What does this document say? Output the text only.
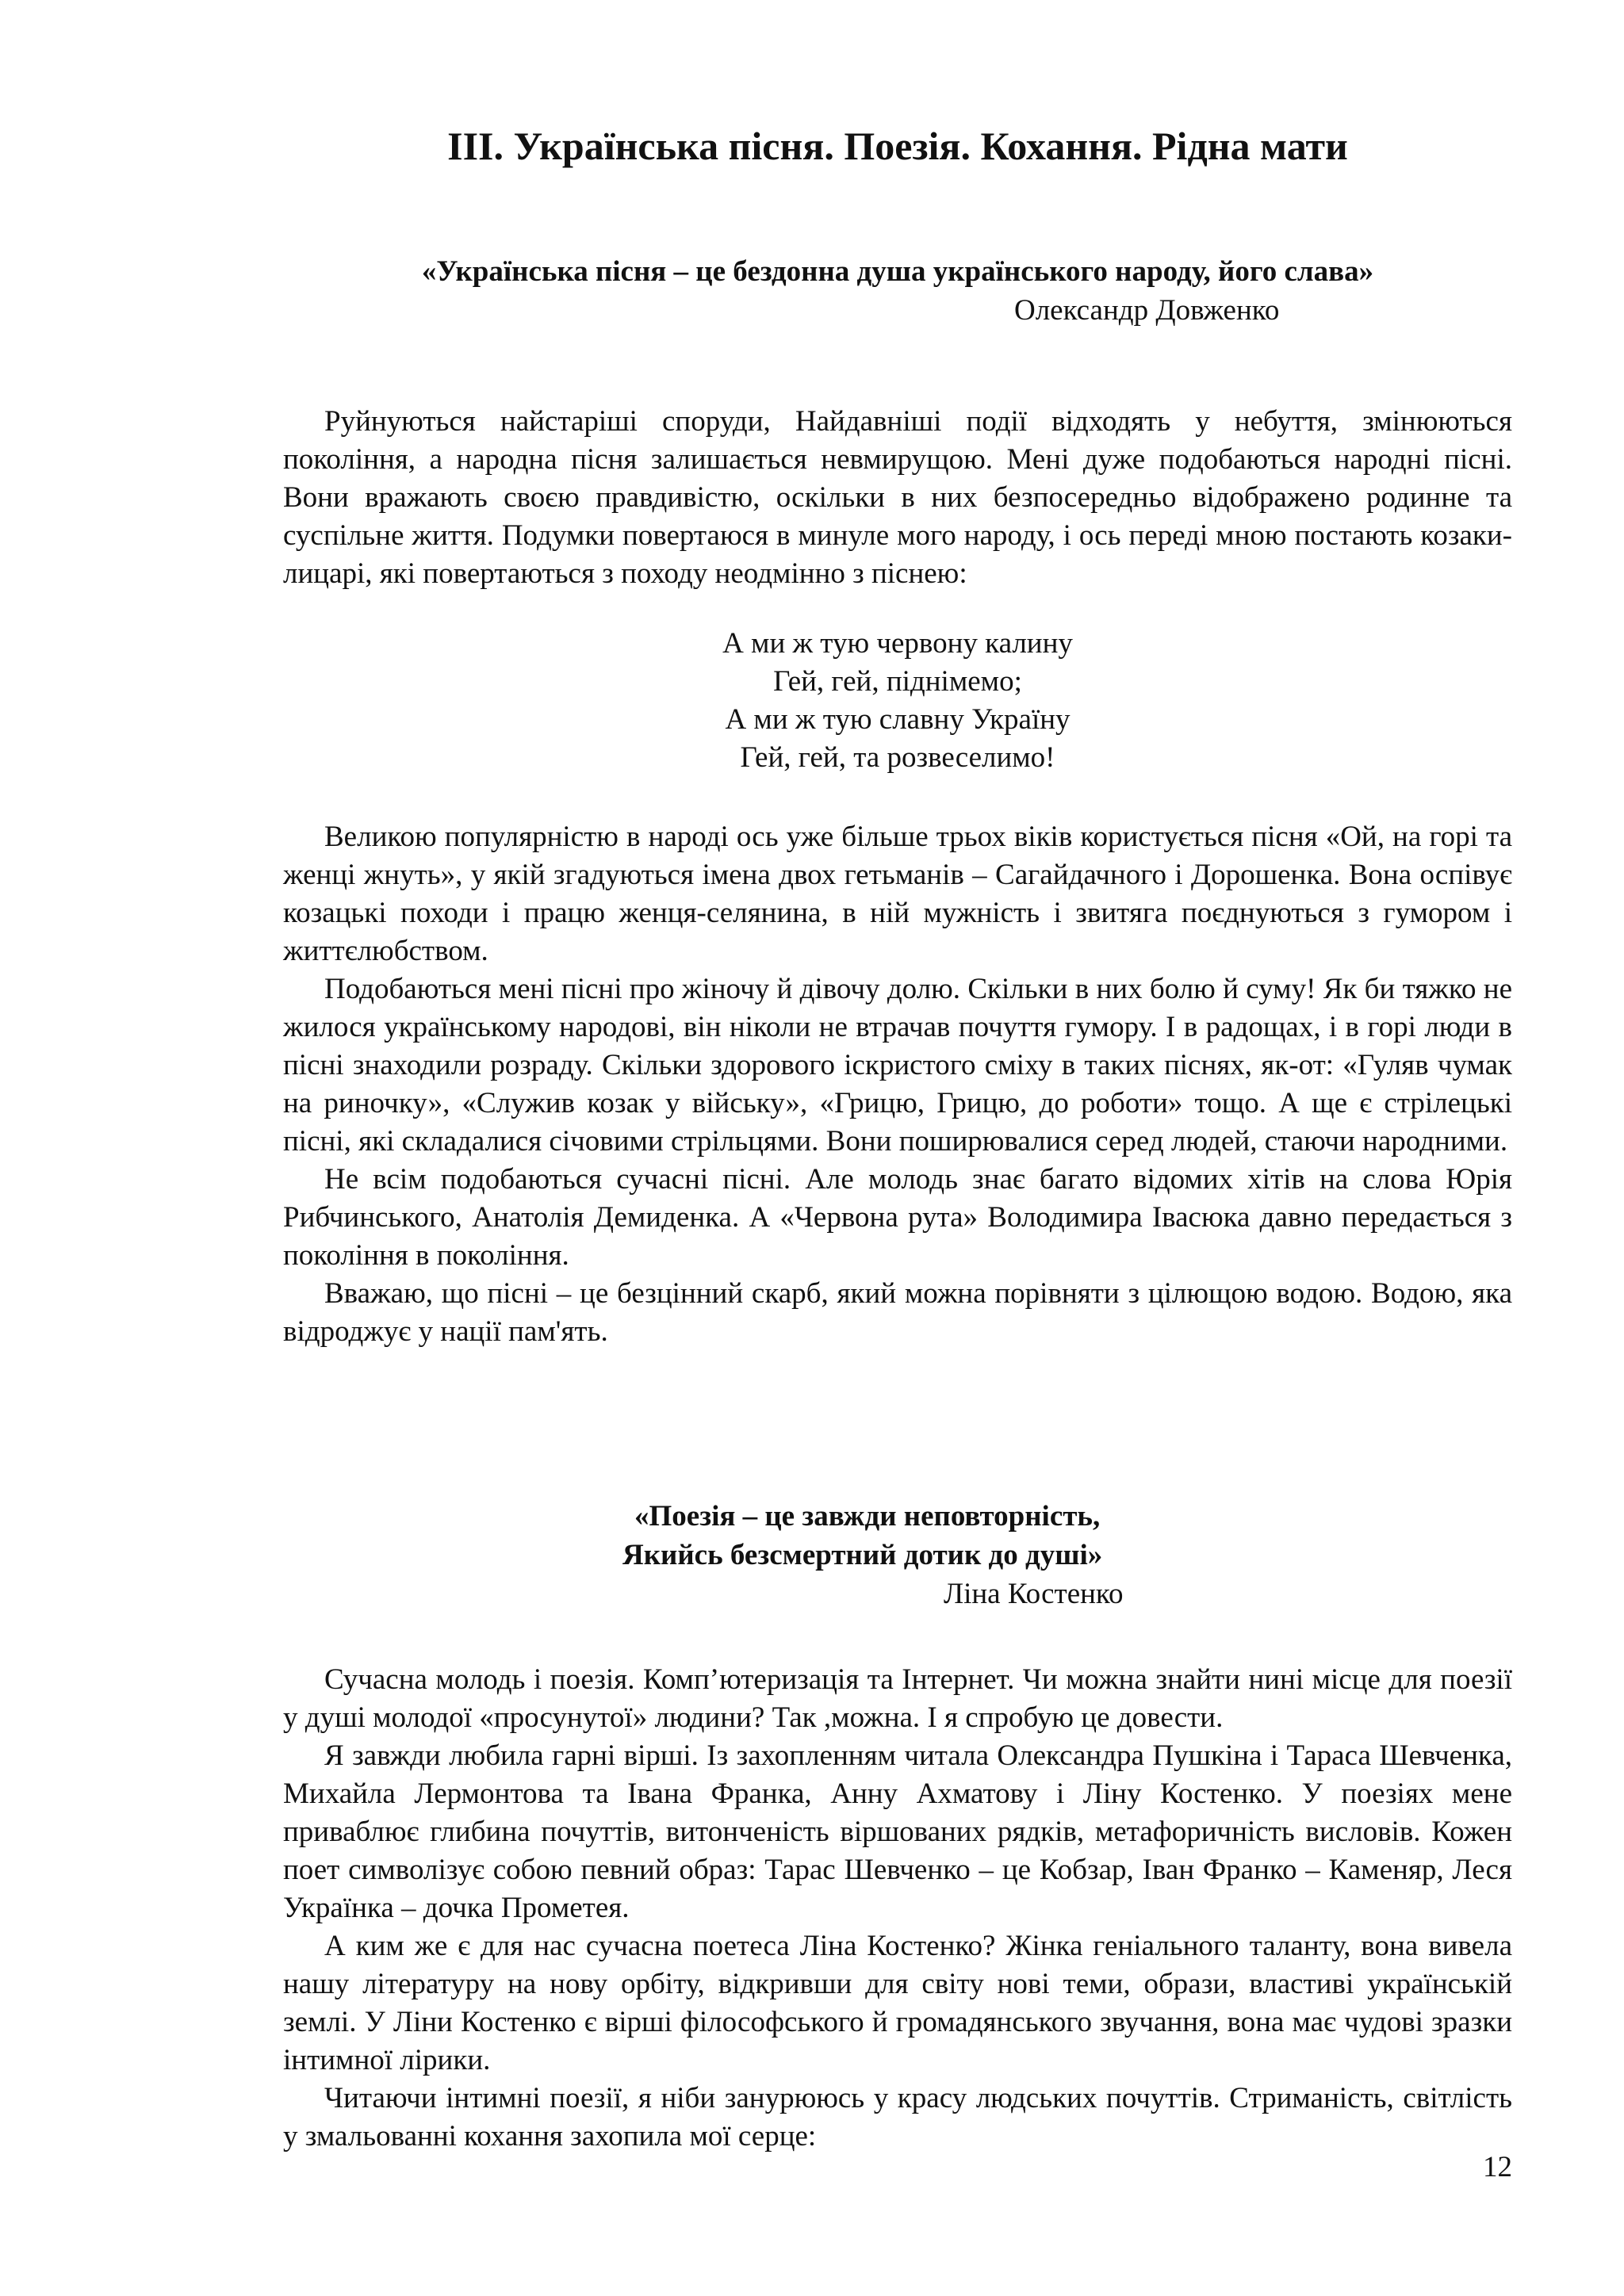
ІІІ. Українська пісня. Поезія. Кохання. Рідна мати
«Українська пісня – це бездонна душа українського народу, його слава»
Олександр Довженко

Руйнуються найстаріші споруди, Найдавніші події відходять у небуття, змінюються покоління, а народна пісня залишається невмирущою. Мені дуже подобаються народні пісні. Вони вражають своєю правдивістю, оскільки в них безпосередньо відображено родинне та суспільне життя. Подумки повертаюся в минуле мого народу, і ось переді мною постають козаки-лицарі, які повертаються з походу неодмінно з піснею:

А ми ж тую червону калину
Гей, гей, піднімемо;
А ми ж тую славну Україну
Гей, гей, та розвеселимо!

Великою популярністю в народі ось уже більше трьох віків користується пісня «Ой, на горі та женці жнуть», у якій згадуються імена двох гетьманів – Сагайдачного і Дорошенка. Вона оспівує козацькі походи і працю женця-селянина, в ній мужність і звитяга поєднуються з гумором і життєлюбством.

Подобаються мені пісні про жіночу й дівочу долю. Скільки в них болю й суму! Як би тяжко не жилося українському народові, він ніколи не втрачав почуття гумору. І в радощах, і в горі люди в пісні знаходили розраду. Скільки здорового іскристого сміху в таких піснях, як-от: «Гуляв чумак на риночку», «Служив козак у війську», «Грицю, Грицю, до роботи» тощо. А ще є стрілецькі пісні, які складалися січовими стрільцями. Вони поширювалися серед людей, стаючи народними.

Не всім подобаються сучасні пісні. Але молодь знає багато відомих хітів на слова Юрія Рибчинського, Анатолія Демиденка. А «Червона рута» Володимира Івасюка давно передається з покоління в покоління.

Вважаю, що пісні – це безцінний скарб, який можна порівняти з цілющою водою. Водою, яка відроджує у нації пам'ять.

«Поезія – це завжди неповторність,
Якийсь безсмертний дотик до душі»
Ліна Костенко

Сучасна молодь і поезія. Комп’ютеризація та Інтернет. Чи можна знайти нині місце для поезії у душі молодої «просунутої» людини? Так ,можна. І я спробую це довести.

Я завжди любила гарні вірші. Із захопленням читала Олександра Пушкіна і Тараса Шевченка, Михайла Лермонтова та Івана Франка, Анну Ахматову і Ліну Костенко. У поезіях мене приваблює глибина почуттів, витонченість віршованих рядків, метафоричність висловів. Кожен поет символізує собою певний образ: Тарас Шевченко – це Кобзар, Іван Франко – Каменяр, Леся Українка – дочка Прометея.

А ким же є для нас сучасна поетеса Ліна Костенко? Жінка геніального таланту, вона вивела нашу літературу на нову орбіту, відкривши для світу нові теми, образи, властиві українській землі. У Ліни Костенко є вірші філософського й громадянського звучання, вона має чудові зразки інтимної лірики.

Читаючи інтимні поезії, я ніби занурююсь у красу людських почуттів. Стриманість, світлість у змальованні кохання захопила мої серце:

12
